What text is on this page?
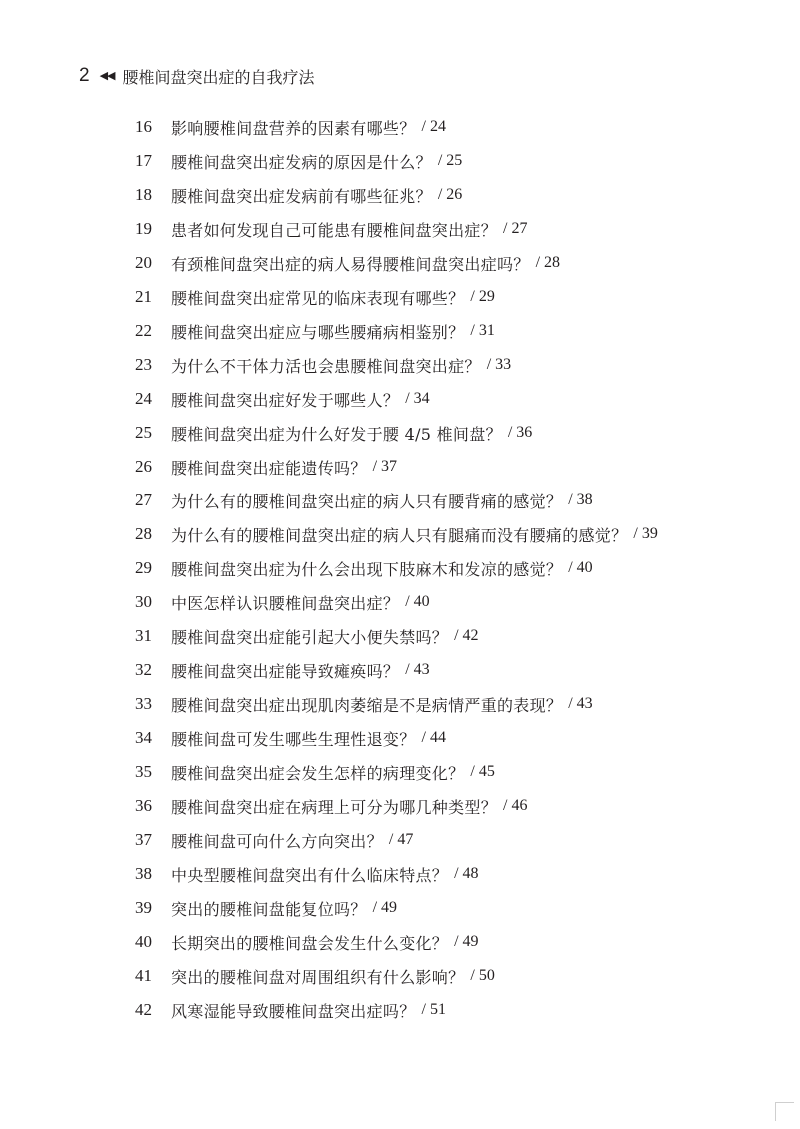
2 ◀◀ 腰椎间盘突出症的自我疗法
16	影响腰椎间盘营养的因素有哪些？ / 24
17	腰椎间盘突出症发病的原因是什么？ / 25
18	腰椎间盘突出症发病前有哪些征兆？ / 26
19	患者如何发现自己可能患有腰椎间盘突出症？ / 27
20	有颈椎间盘突出症的病人易得腰椎间盘突出症吗？ / 28
21	腰椎间盘突出症常见的临床表现有哪些？ / 29
22	腰椎间盘突出症应与哪些腰痛病相鉴别？ / 31
23	为什么不干体力活也会患腰椎间盘突出症？ / 33
24	腰椎间盘突出症好发于哪些人？ / 34
25	腰椎间盘突出症为什么好发于腰 4/5 椎间盘？ / 36
26	腰椎间盘突出症能遗传吗？ / 37
27	为什么有的腰椎间盘突出症的病人只有腰背痛的感觉？ / 38
28	为什么有的腰椎间盘突出症的病人只有腿痛而没有腰痛的感觉？ / 39
29	腰椎间盘突出症为什么会出现下肢麻木和发凉的感觉？ / 40
30	中医怎样认识腰椎间盘突出症？ / 40
31	腰椎间盘突出症能引起大小便失禁吗？ / 42
32	腰椎间盘突出症能导致瘫痪吗？ / 43
33	腰椎间盘突出症出现肌肉萎缩是不是病情严重的表现？ / 43
34	腰椎间盘可发生哪些生理性退变？ / 44
35	腰椎间盘突出症会发生怎样的病理变化？ / 45
36	腰椎间盘突出症在病理上可分为哪几种类型？ / 46
37	腰椎间盘可向什么方向突出？ / 47
38	中央型腰椎间盘突出有什么临床特点？ / 48
39	突出的腰椎间盘能复位吗？ / 49
40	长期突出的腰椎间盘会发生什么变化？ / 49
41	突出的腰椎间盘对周围组织有什么影响？ / 50
42	风寒湿能导致腰椎间盘突出症吗？ / 51
